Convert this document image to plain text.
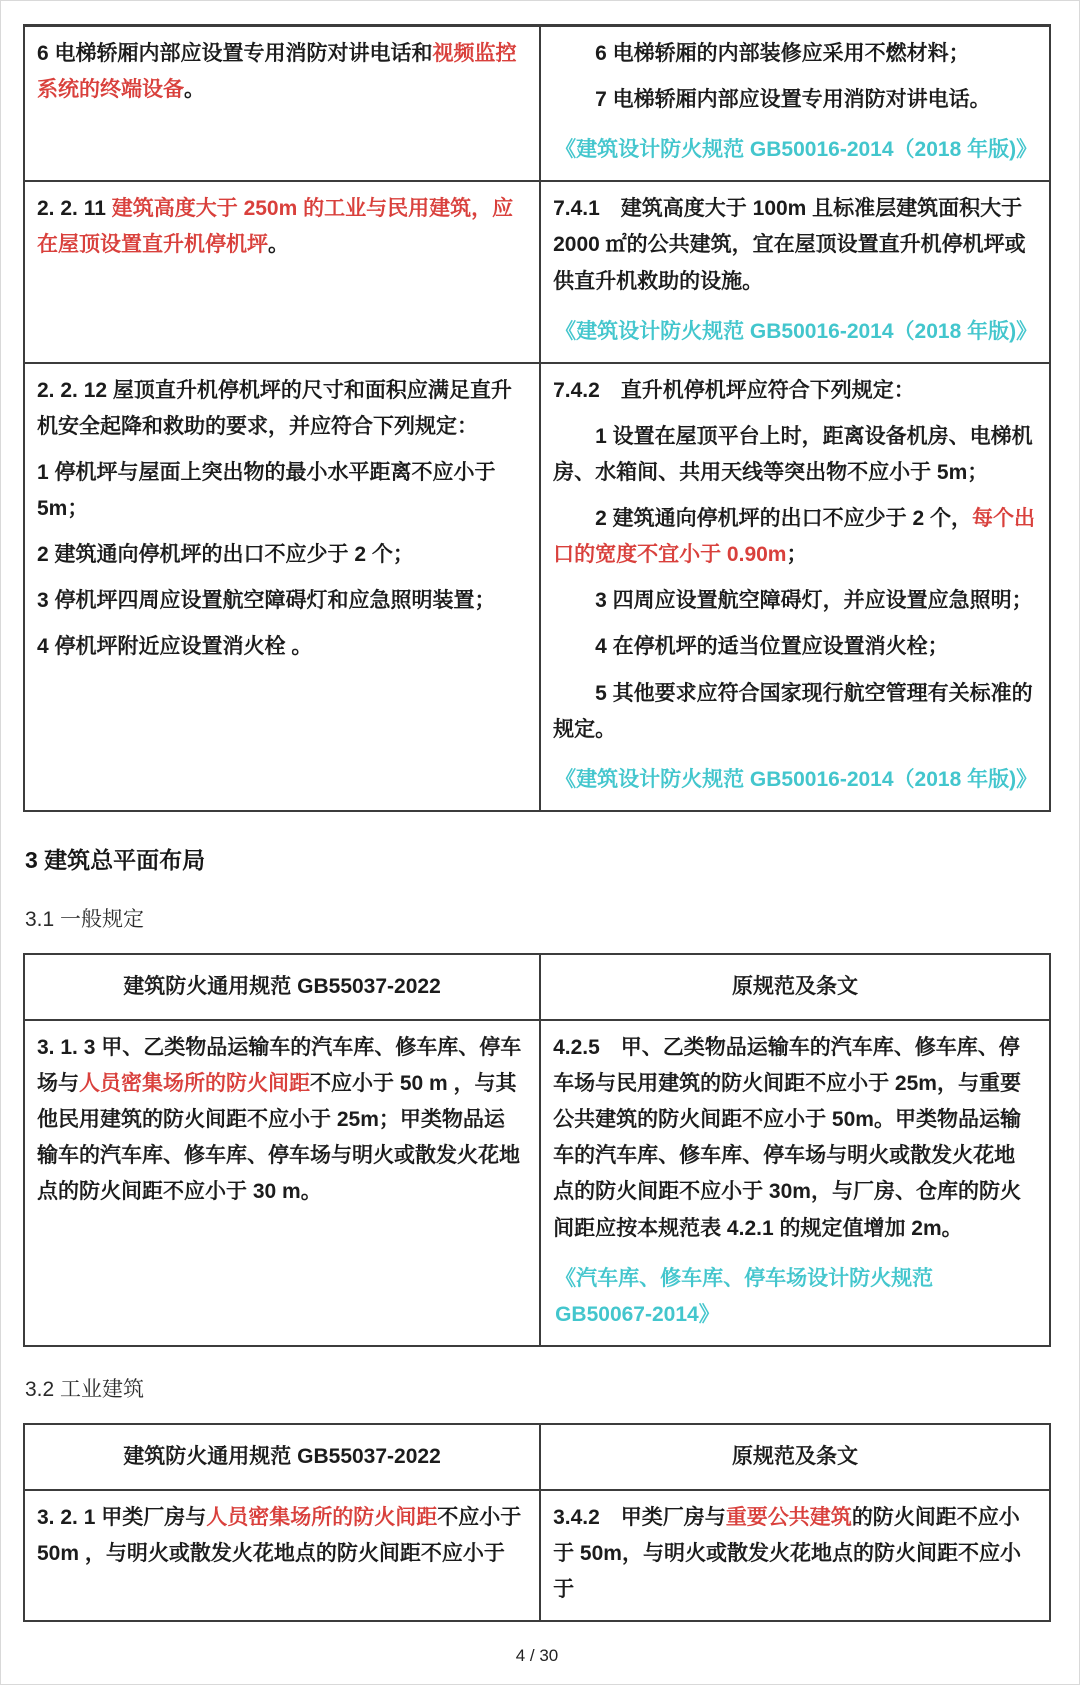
6 电梯轿厢内部应设置专用消防对讲电话和视频监控系统的终端设备。

6 电梯轿厢的内部装修应采用不燃材料；

7 电梯轿厢内部应设置专用消防对讲电话。

《建筑设计防火规范 GB50016-2014（2018 年版)》

2. 2. 11 建筑高度大于 250m 的工业与民用建筑，应在屋顶设置直升机停机坪。

7.4.1　建筑高度大于 100m 且标准层建筑面积大于 2000 ㎡的公共建筑，宜在屋顶设置直升机停机坪或供直升机救助的设施。

《建筑设计防火规范 GB50016-2014（2018 年版)》

2. 2. 12 屋顶直升机停机坪的尺寸和面积应满足直升机安全起降和救助的要求，并应符合下列规定：

1 停机坪与屋面上突出物的最小水平距离不应小于 5m；

2 建筑通向停机坪的出口不应少于 2 个；

3 停机坪四周应设置航空障碍灯和应急照明装置；

4 停机坪附近应设置消火栓 。

7.4.2　直升机停机坪应符合下列规定：

1 设置在屋顶平台上时，距离设备机房、电梯机房、水箱间、共用天线等突出物不应小于 5m；

2 建筑通向停机坪的出口不应少于 2 个，每个出口的宽度不宜小于 0.90m；

3 四周应设置航空障碍灯，并应设置应急照明；

4 在停机坪的适当位置应设置消火栓；

5 其他要求应符合国家现行航空管理有关标准的规定。

《建筑设计防火规范 GB50016-2014（2018 年版)》

3 建筑总平面布局
3.1 一般规定
建筑防火通用规范 GB55037-2022	原规范及条文

3. 1. 3 甲、乙类物品运输车的汽车库、修车库、停车场与人员密集场所的防火间距不应小于 50 m ，与其他民用建筑的防火间距不应小于 25m；甲类物品运输车的汽车库、修车库、停车场与明火或散发火花地点的防火间距不应小于 30 m。

4.2.5　甲、乙类物品运输车的汽车库、修车库、停车场与民用建筑的防火间距不应小于 25m，与重要公共建筑的防火间距不应小于 50m。甲类物品运输车的汽车库、修车库、停车场与明火或散发火花地点的防火间距不应小于 30m，与厂房、仓库的防火间距应按本规范表 4.2.1 的规定值增加 2m。

《汽车库、修车库、停车场设计防火规范 GB50067-2014》

3.2 工业建筑
建筑防火通用规范 GB55037-2022	原规范及条文

3. 2. 1 甲类厂房与人员密集场所的防火间距不应小于 50m ，与明火或散发火花地点的防火间距不应小于

3.4.2　甲类厂房与重要公共建筑的防火间距不应小于 50m，与明火或散发火花地点的防火间距不应小于

4 / 30
